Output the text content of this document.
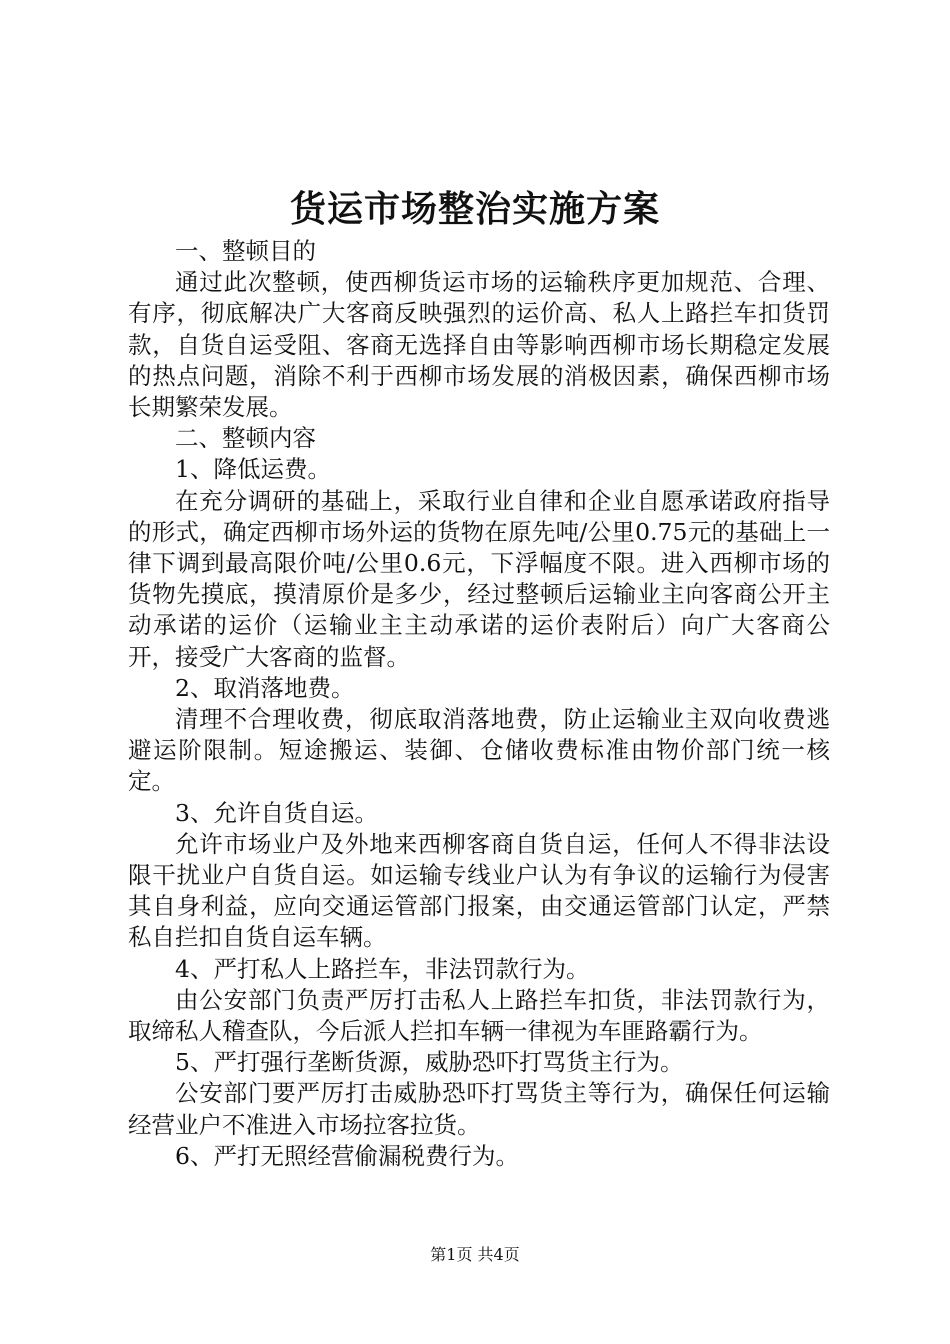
货运市场整治实施方案

一、整顿目的

通过此次整顿，使西柳货运市场的运输秩序更加规范、合理、有序，彻底解决广大客商反映强烈的运价高、私人上路拦车扣货罚款，自货自运受阻、客商无选择自由等影响西柳市场长期稳定发展的热点问题，消除不利于西柳市场发展的消极因素，确保西柳市场长期繁荣发展。

二、整顿内容

1、降低运费。

在充分调研的基础上，采取行业自律和企业自愿承诺政府指导的形式，确定西柳市场外运的货物在原先吨/公里0.75元的基础上一律下调到最高限价吨/公里0.6元，下浮幅度不限。进入西柳市场的货物先摸底，摸清原价是多少，经过整顿后运输业主向客商公开主动承诺的运价（运输业主主动承诺的运价表附后）向广大客商公开，接受广大客商的监督。

2、取消落地费。

清理不合理收费，彻底取消落地费，防止运输业主双向收费逃避运阶限制。短途搬运、装御、仓储收费标准由物价部门统一核定。

3、允许自货自运。

允许市场业户及外地来西柳客商自货自运，任何人不得非法设限干扰业户自货自运。如运输专线业户认为有争议的运输行为侵害其自身利益，应向交通运管部门报案，由交通运管部门认定，严禁私自拦扣自货自运车辆。

4、严打私人上路拦车，非法罚款行为。

由公安部门负责严厉打击私人上路拦车扣货，非法罚款行为，取缔私人稽查队，今后派人拦扣车辆一律视为车匪路霸行为。

5、严打强行垄断货源，威胁恐吓打骂货主行为。

公安部门要严厉打击威胁恐吓打骂货主等行为，确保任何运输经营业户不准进入市场拉客拉货。

6、严打无照经营偷漏税费行为。

第1页 共4页
